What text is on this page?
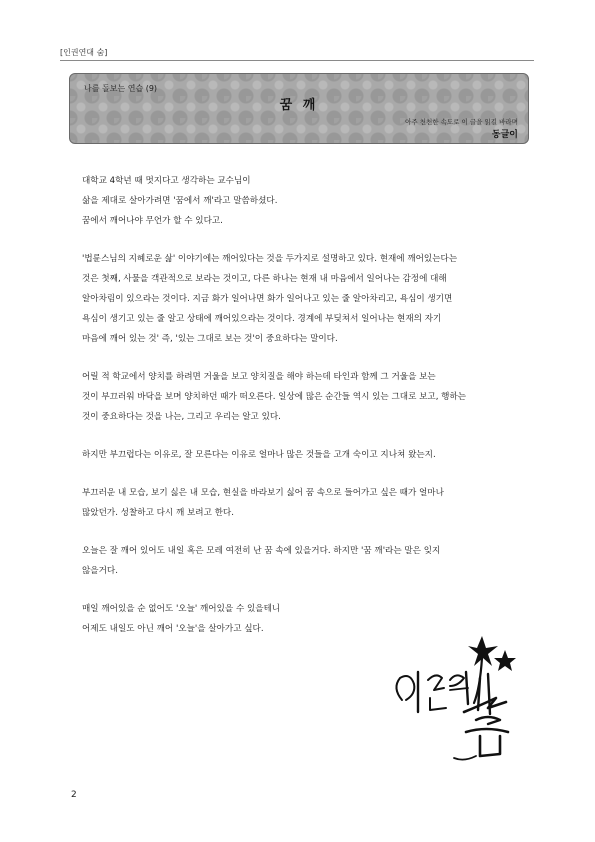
[인권연대 숨]
나를 돌보는 연습 (9)
꿈 깨
아주 천천한 속도로 이 글을 읽길 바라며
동글이

대학교 4학년 때 멋지다고 생각하는 교수님이
삶을 제대로 살아가려면 '꿈에서 깨'라고 말씀하셨다.
꿈에서 깨어나야 무언가 할 수 있다고.

'법륜스님의 지혜로운 삶' 이야기에는 깨어있다는 것을 두가지로 설명하고 있다. 현재에 깨어있는다는
것은 첫째, 사물을 객관적으로 보라는 것이고, 다른 하나는 현재 내 마음에서 일어나는 감정에 대해
알아차림이 있으라는 것이다. 지금 화가 일어나면 화가 일어나고 있는 줄 알아차리고, 욕심이 생기면
욕심이 생기고 있는 줄 알고 상태에 깨어있으라는 것이다. 경계에 부딪쳐서 일어나는 현재의 자기
마음에 깨어 있는 것' 즉, '있는 그대로 보는 것'이 중요하다는 말이다.

어릴 적 학교에서 양치를 하려면 거울을 보고 양치질을 해야 하는데 타인과 함께 그 거울을 보는
것이 부끄러워 바닥을 보며 양치하던 때가 떠오른다. 일상에 많은 순간들 역시 있는 그대로 보고, 행하는
것이 중요하다는 것을 나는, 그리고 우리는 알고 있다.

하지만 부끄럽다는 이유로, 잘 모른다는 이유로 얼마나 많은 것들을 고개 숙이고 지나쳐 왔는지.

부끄러운 내 모습, 보기 싫은 내 모습, 현실을 바라보기 싫어 꿈 속으로 들어가고 싶은 때가 얼마나
많았던가. 성찰하고 다시 깨 보려고 한다.

오늘은 잘 깨어 있어도 내일 혹은 모레 여전히 난 꿈 속에 있을거다. 하지만 '꿈 깨'라는 말은 잊지
않을거다.

매일 깨어있을 순 없어도 '오늘' 깨어있을 수 있을테니
어제도 내일도 아닌 깨어 '오늘'을 살아가고 싶다.

2
